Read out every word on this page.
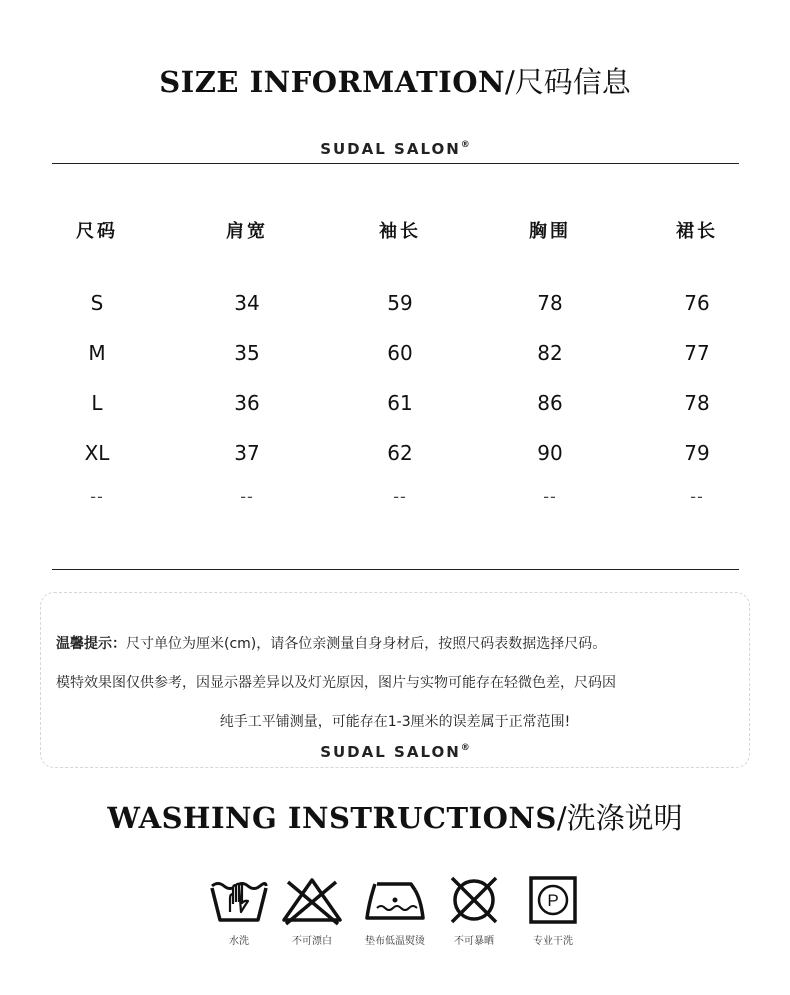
SIZE INFORMATION/尺码信息
SUDAL SALON®
尺码	肩宽	袖长	胸围	裙长
S	34	59	78	76
M	35	60	82	77
L	36	61	86	78
XL	37	62	90	79
--	--	--	--	--
温馨提示：尺寸单位为厘米(cm)，请各位亲测量自身身材后，按照尺码表数据选择尺码。
模特效果图仅供参考，因显示器差异以及灯光原因，图片与实物可能存在轻微色差，尺码因
纯手工平铺测量，可能存在1-3厘米的误差属于正常范围!
SUDAL SALON®
WASHING INSTRUCTIONS/洗涤说明
水洗	不可漂白	垫布低温熨烫	不可暴晒
P
专业干洗
